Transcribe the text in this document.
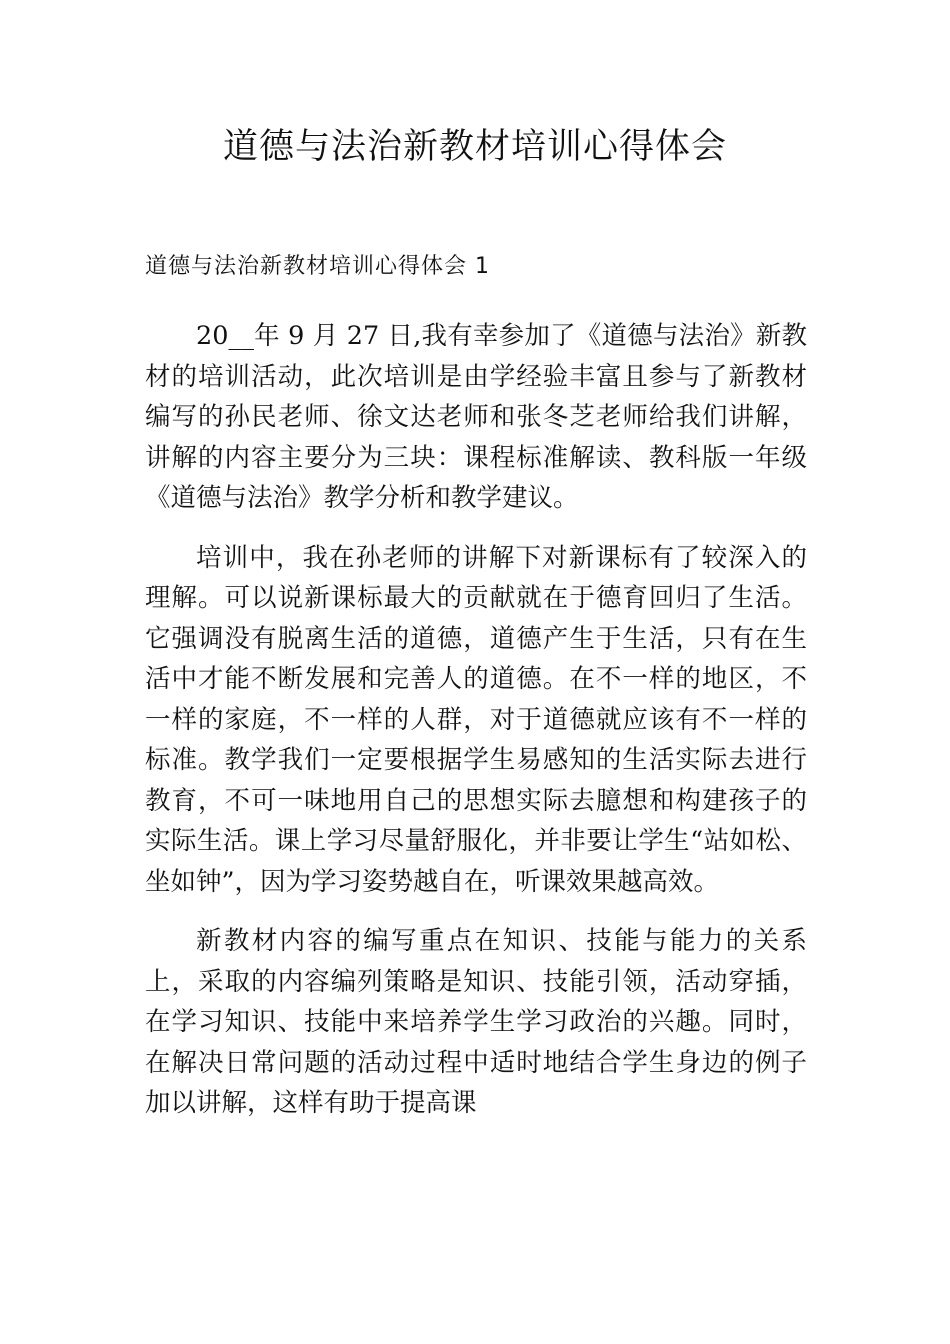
道德与法治新教材培训心得体会
道德与法治新教材培训心得体会 1

20__年 9 月 27 日,我有幸参加了《道德与法治》新教材的培训活动，此次培训是由学经验丰富且参与了新教材编写的孙民老师、徐文达老师和张冬芝老师给我们讲解，讲解的内容主要分为三块：课程标准解读、教科版一年级《道德与法治》教学分析和教学建议。

培训中，我在孙老师的讲解下对新课标有了较深入的理解。可以说新课标最大的贡献就在于德育回归了生活。它强调没有脱离生活的道德，道德产生于生活，只有在生活中才能不断发展和完善人的道德。在不一样的地区，不一样的家庭，不一样的人群，对于道德就应该有不一样的标准。教学我们一定要根据学生易感知的生活实际去进行教育，不可一味地用自己的思想实际去臆想和构建孩子的实际生活。课上学习尽量舒服化，并非要让学生“站如松、坐如钟”，因为学习姿势越自在，听课效果越高效。

新教材内容的编写重点在知识、技能与能力的关系上，采取的内容编列策略是知识、技能引领，活动穿插，在学习知识、技能中来培养学生学习政治的兴趣。同时，在解决日常问题的活动过程中适时地结合学生身边的例子加以讲解，这样有助于提高课
